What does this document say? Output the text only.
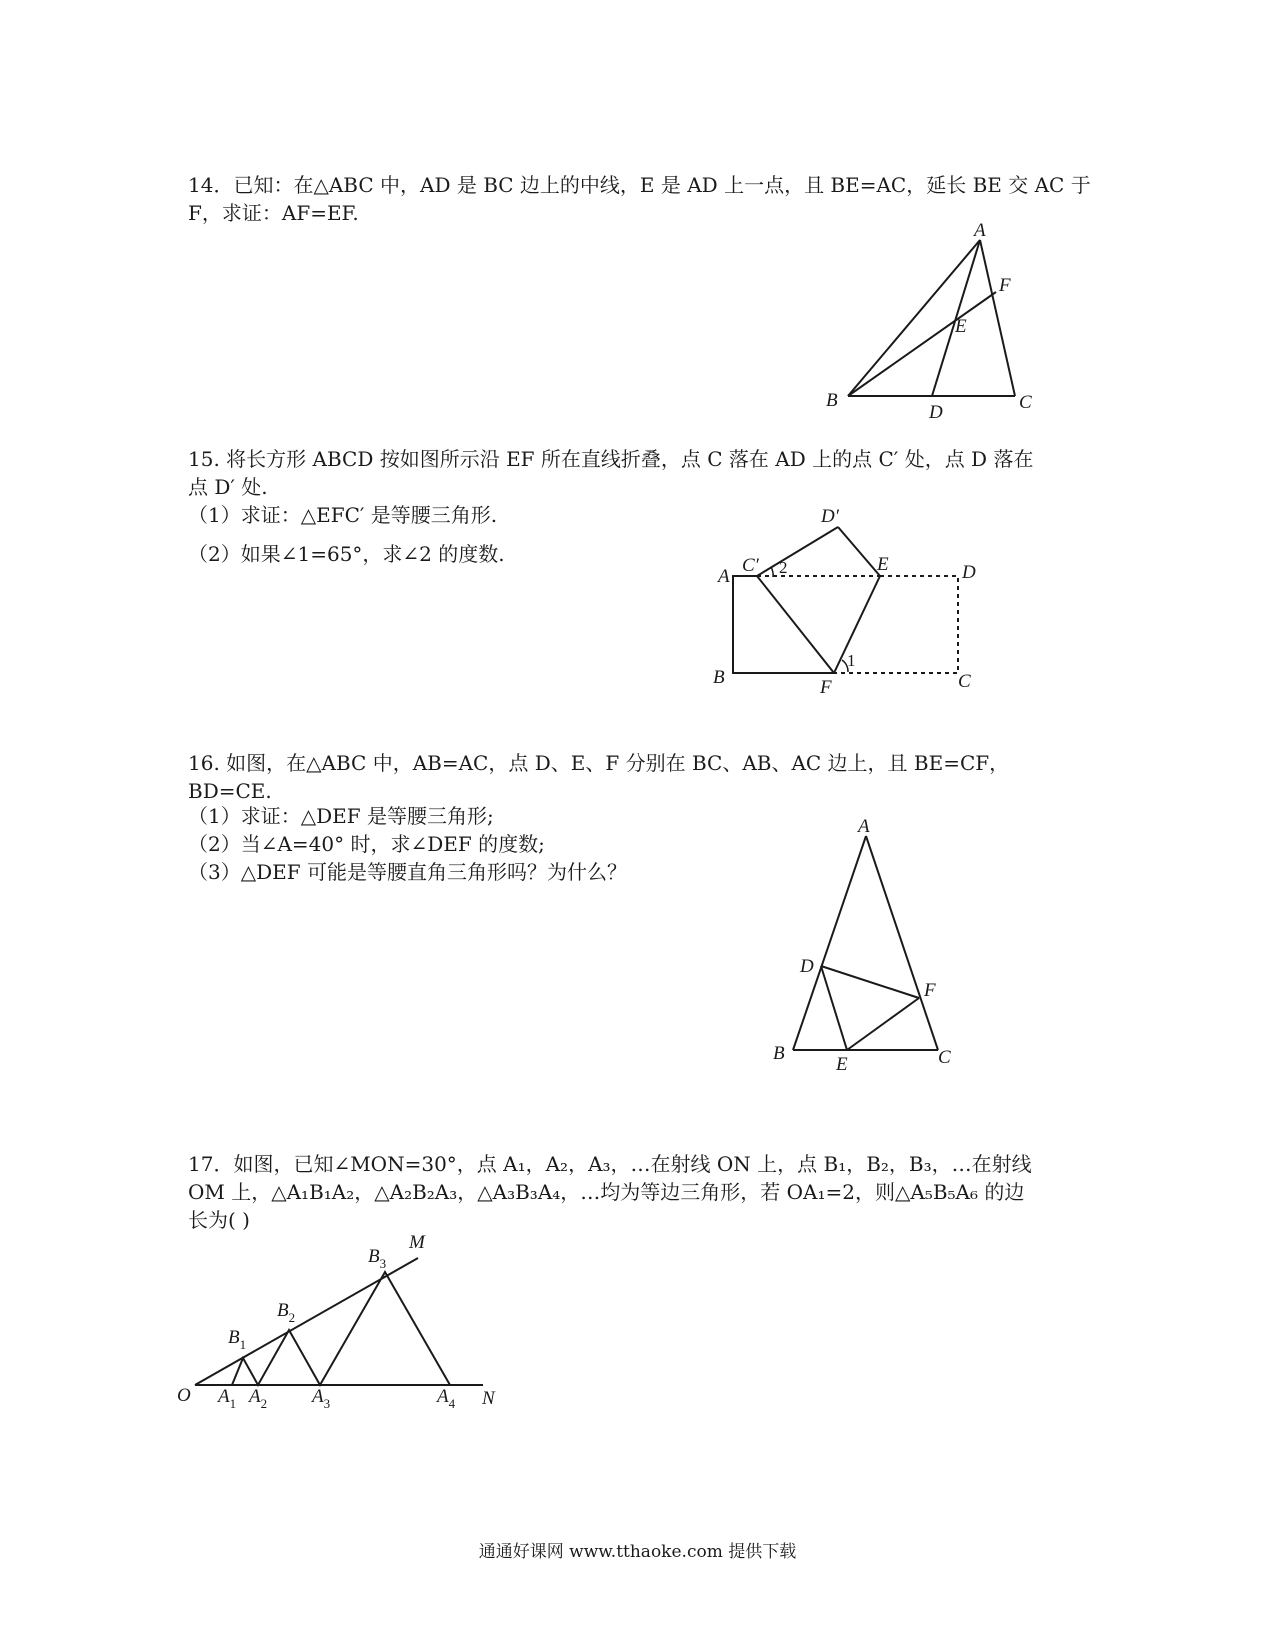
14．已知：在△ABC 中，AD 是 BC 边上的中线，E 是 AD 上一点，且 BE=AC，延长 BE 交 AC 于
F，求证：AF=EF.
A
B	C
D
E
F
15. 将长方形 ABCD 按如图所示沿 EF 所在直线折叠，点 C 落在 AD 上的点 C′ 处，点 D 落在
点 D′ 处.
（1）求证：△EFC′ 是等腰三角形.
（2）如果∠1=65°，求∠2 的度数.
A
B	C
D
E
F
C′
D′
1
2
16. 如图，在△ABC 中，AB=AC，点 D、E、F 分别在 BC、AB、AC 边上，且 BE=CF，
BD=CE.
（1）求证：△DEF 是等腰三角形;
（2）当∠A=40° 时，求∠DEF 的度数;
（3）△DEF 可能是等腰直角三角形吗？为什么？
A
B	C
D
E
F
17．如图，已知∠MON=30°，点 A₁，A₂，A₃，…在射线 ON 上，点 B₁，B₂，B₃，…在射线
OM 上，△A₁B₁A₂，△A₂B₂A₃，△A₃B₃A₄，…均为等边三角形，若 OA₁=2，则△A₅B₅A₆ 的边
长为( )
O	N
M
$A_1$ $A_2$ $A_3$	$A_4$
$B_1$
$B_2$
$B_3$
通通好课网 www.tthaoke.com 提供下载
